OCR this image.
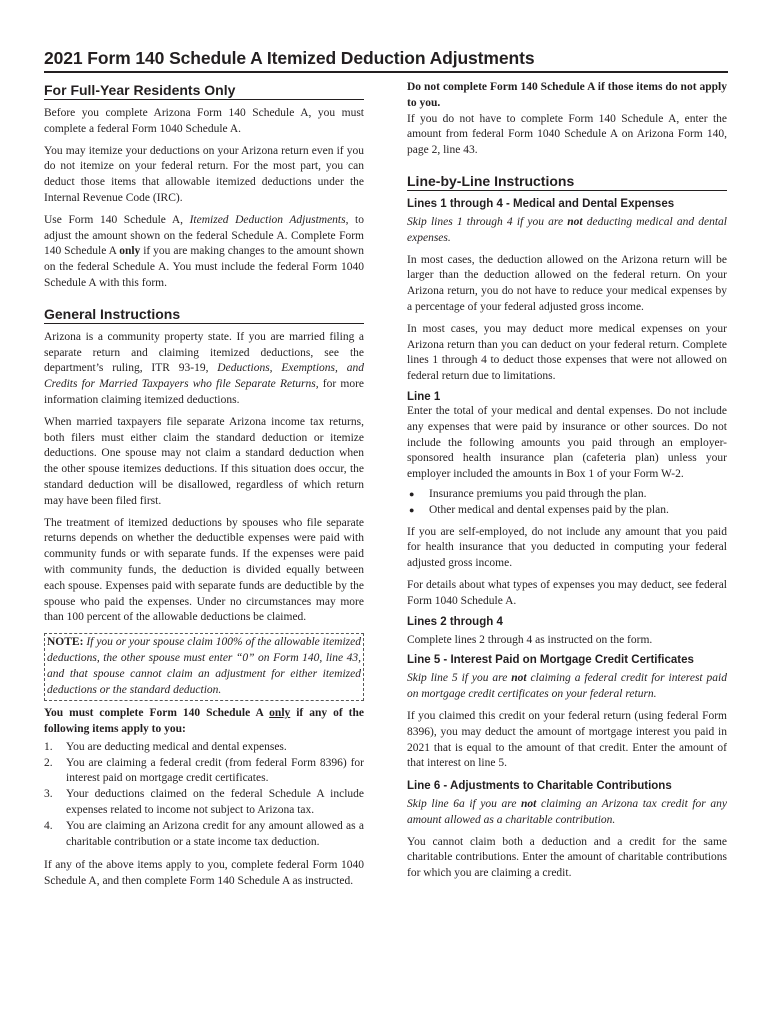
2021 Form 140 Schedule A Itemized Deduction Adjustments
For Full-Year Residents Only

Before you complete Arizona Form 140 Schedule A, you must complete a federal Form 1040 Schedule A.

You may itemize your deductions on your Arizona return even if you do not itemize on your federal return. For the most part, you can deduct those items that allowable itemized deductions under the Internal Revenue Code (IRC).

Use Form 140 Schedule A, Itemized Deduction Adjustments, to adjust the amount shown on the federal Schedule A. Complete Form 140 Schedule A only if you are making changes to the amount shown on the federal Schedule A. You must include the federal Form 1040 Schedule A with this form.

General Instructions

Arizona is a community property state. If you are married filing a separate return and claiming itemized deductions, see the department’s ruling, ITR 93-19, Deductions, Exemptions, and Credits for Married Taxpayers who file Separate Returns, for more information claiming itemized deductions.

When married taxpayers file separate Arizona income tax returns, both filers must either claim the standard deduction or itemize deductions. One spouse may not claim a standard deduction when the other spouse itemizes deductions. If this situation does occur, the standard deduction will be disallowed, regardless of which return may have been filed first.

The treatment of itemized deductions by spouses who file separate returns depends on whether the deductible expenses were paid with community funds or with separate funds. If the expenses were paid with community funds, the deduction is divided equally between each spouse. Expenses paid with separate funds are deductible by the spouse who paid the expenses. Under no circumstances may more than 100 percent of the allowable deductions be claimed.

NOTE: If you or your spouse claim 100% of the allowable itemized deductions, the other spouse must enter “0” on Form 140, line 43, and that spouse cannot claim an adjustment for either itemized deductions or the standard deduction.

You must complete Form 140 Schedule A only if any of the following items apply to you:

1.	You are deducting medical and dental expenses.
2.	You are claiming a federal credit (from federal Form 8396) for interest paid on mortgage credit certificates.
3.	Your deductions claimed on the federal Schedule A include expenses related to income not subject to Arizona tax.
4.	You are claiming an Arizona credit for any amount allowed as a charitable contribution or a state income tax deduction.

If any of the above items apply to you, complete federal Form 1040 Schedule A, and then complete Form 140 Schedule A as instructed.

Do not complete Form 140 Schedule A if those items do not apply to you.

If you do not have to complete Form 140 Schedule A, enter the amount from federal Form 1040 Schedule A on Arizona Form 140, page 2, line 43.

Line-by-Line Instructions
Lines 1 through 4 - Medical and Dental Expenses

Skip lines 1 through 4 if you are not deducting medical and dental expenses.

In most cases, the deduction allowed on the Arizona return will be larger than the deduction allowed on the federal return. On your Arizona return, you do not have to reduce your medical expenses by a percentage of your federal adjusted gross income.

In most cases, you may deduct more medical expenses on your Arizona return than you can deduct on your federal return. Complete lines 1 through 4 to deduct those expenses that were not allowed on federal return due to limitations.

Line 1

Enter the total of your medical and dental expenses. Do not include any expenses that were paid by insurance or other sources. Do not include the following amounts you paid through an employer-sponsored health insurance plan (cafeteria plan) unless your employer included the amounts in Box 1 of your Form W-2.

●	Insurance premiums you paid through the plan.
●	Other medical and dental expenses paid by the plan.

If you are self-employed, do not include any amount that you paid for health insurance that you deducted in computing your federal adjusted gross income.

For details about what types of expenses you may deduct, see federal Form 1040 Schedule A.

Lines 2 through 4

Complete lines 2 through 4 as instructed on the form.

Line 5 - Interest Paid on Mortgage Credit Certificates

Skip line 5 if you are not claiming a federal credit for interest paid on mortgage credit certificates on your federal return.

If you claimed this credit on your federal return (using federal Form 8396), you may deduct the amount of mortgage interest you paid in 2021 that is equal to the amount of that credit. Enter the amount of that interest on line 5.

Line 6 - Adjustments to Charitable Contributions

Skip line 6a if you are not claiming an Arizona tax credit for any amount allowed as a charitable contribution.

You cannot claim both a deduction and a credit for the same charitable contributions. Enter the amount of charitable contributions for which you are claiming a credit.
